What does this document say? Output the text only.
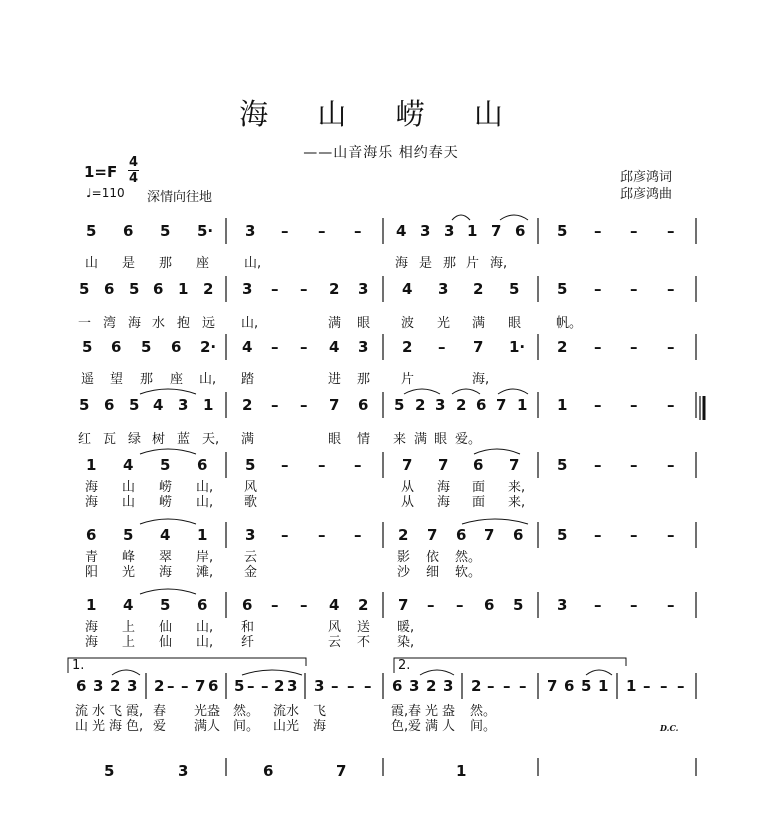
海 山 崂 山
——山音海乐 相约春天
1=F
4
4
♩=110 深情向往地
邱彦鸿词
邱彦鸿曲
5 6 5 5· 3 – – – 4 3 3 1 7 6 5 – – –
山 是 那 座	山,	海 是 那 片 海,
5 6 5 6 1 2 3 – – 2 3 4 3 2 5	5 – – –
一 湾 海 水 抱 远 山,	满 眼 波 光 满 眼	帆。
5 6 5 6 2· 4 – – 4 3 2 – 7 1· 2 – – –
遥 望 那 座 山, 踏	进 那 片	海,
5 6 5 4 3 1 2 – – 7 6 5 2 3 2 6 7 1 1 – – –
红 瓦 绿 树 蓝 天, 满	眼 情 来 满 眼 爱。
1 4 5 6	5 – – –	7 7 6 7	5 – – –
海 山 崂 山, 风	从 海 面 来,
海 山 崂 山, 歌	从 海 面 来,
6 5 4 1	3 – – – 2 7 6 7 6 5 – – –
青 峰 翠 岸, 云	影 依 然。
阳 光 海 滩, 金	沙 细 软。
1 4 5 6 6 – – 4 2 7 – – 6 5 3 – – –
海 上 仙 山, 和	风 送 暖,
海 上 仙 山, 纤	云 不 染,
6 3 2 3 2 – – 7 6 5 – – 2 3 3 – – – 6 3 2 3 2 – – – 7 6 5 1 1 – – –
流 水 飞 霞, 春 光 盎 然。 流 水 飞	霞, 春 光 盎 然。
山 光 海 色, 爱 满 人 间。 山 光 海	色, 爱 满 人 间。
5	3	6	7	1
1.	2.
D.C.
